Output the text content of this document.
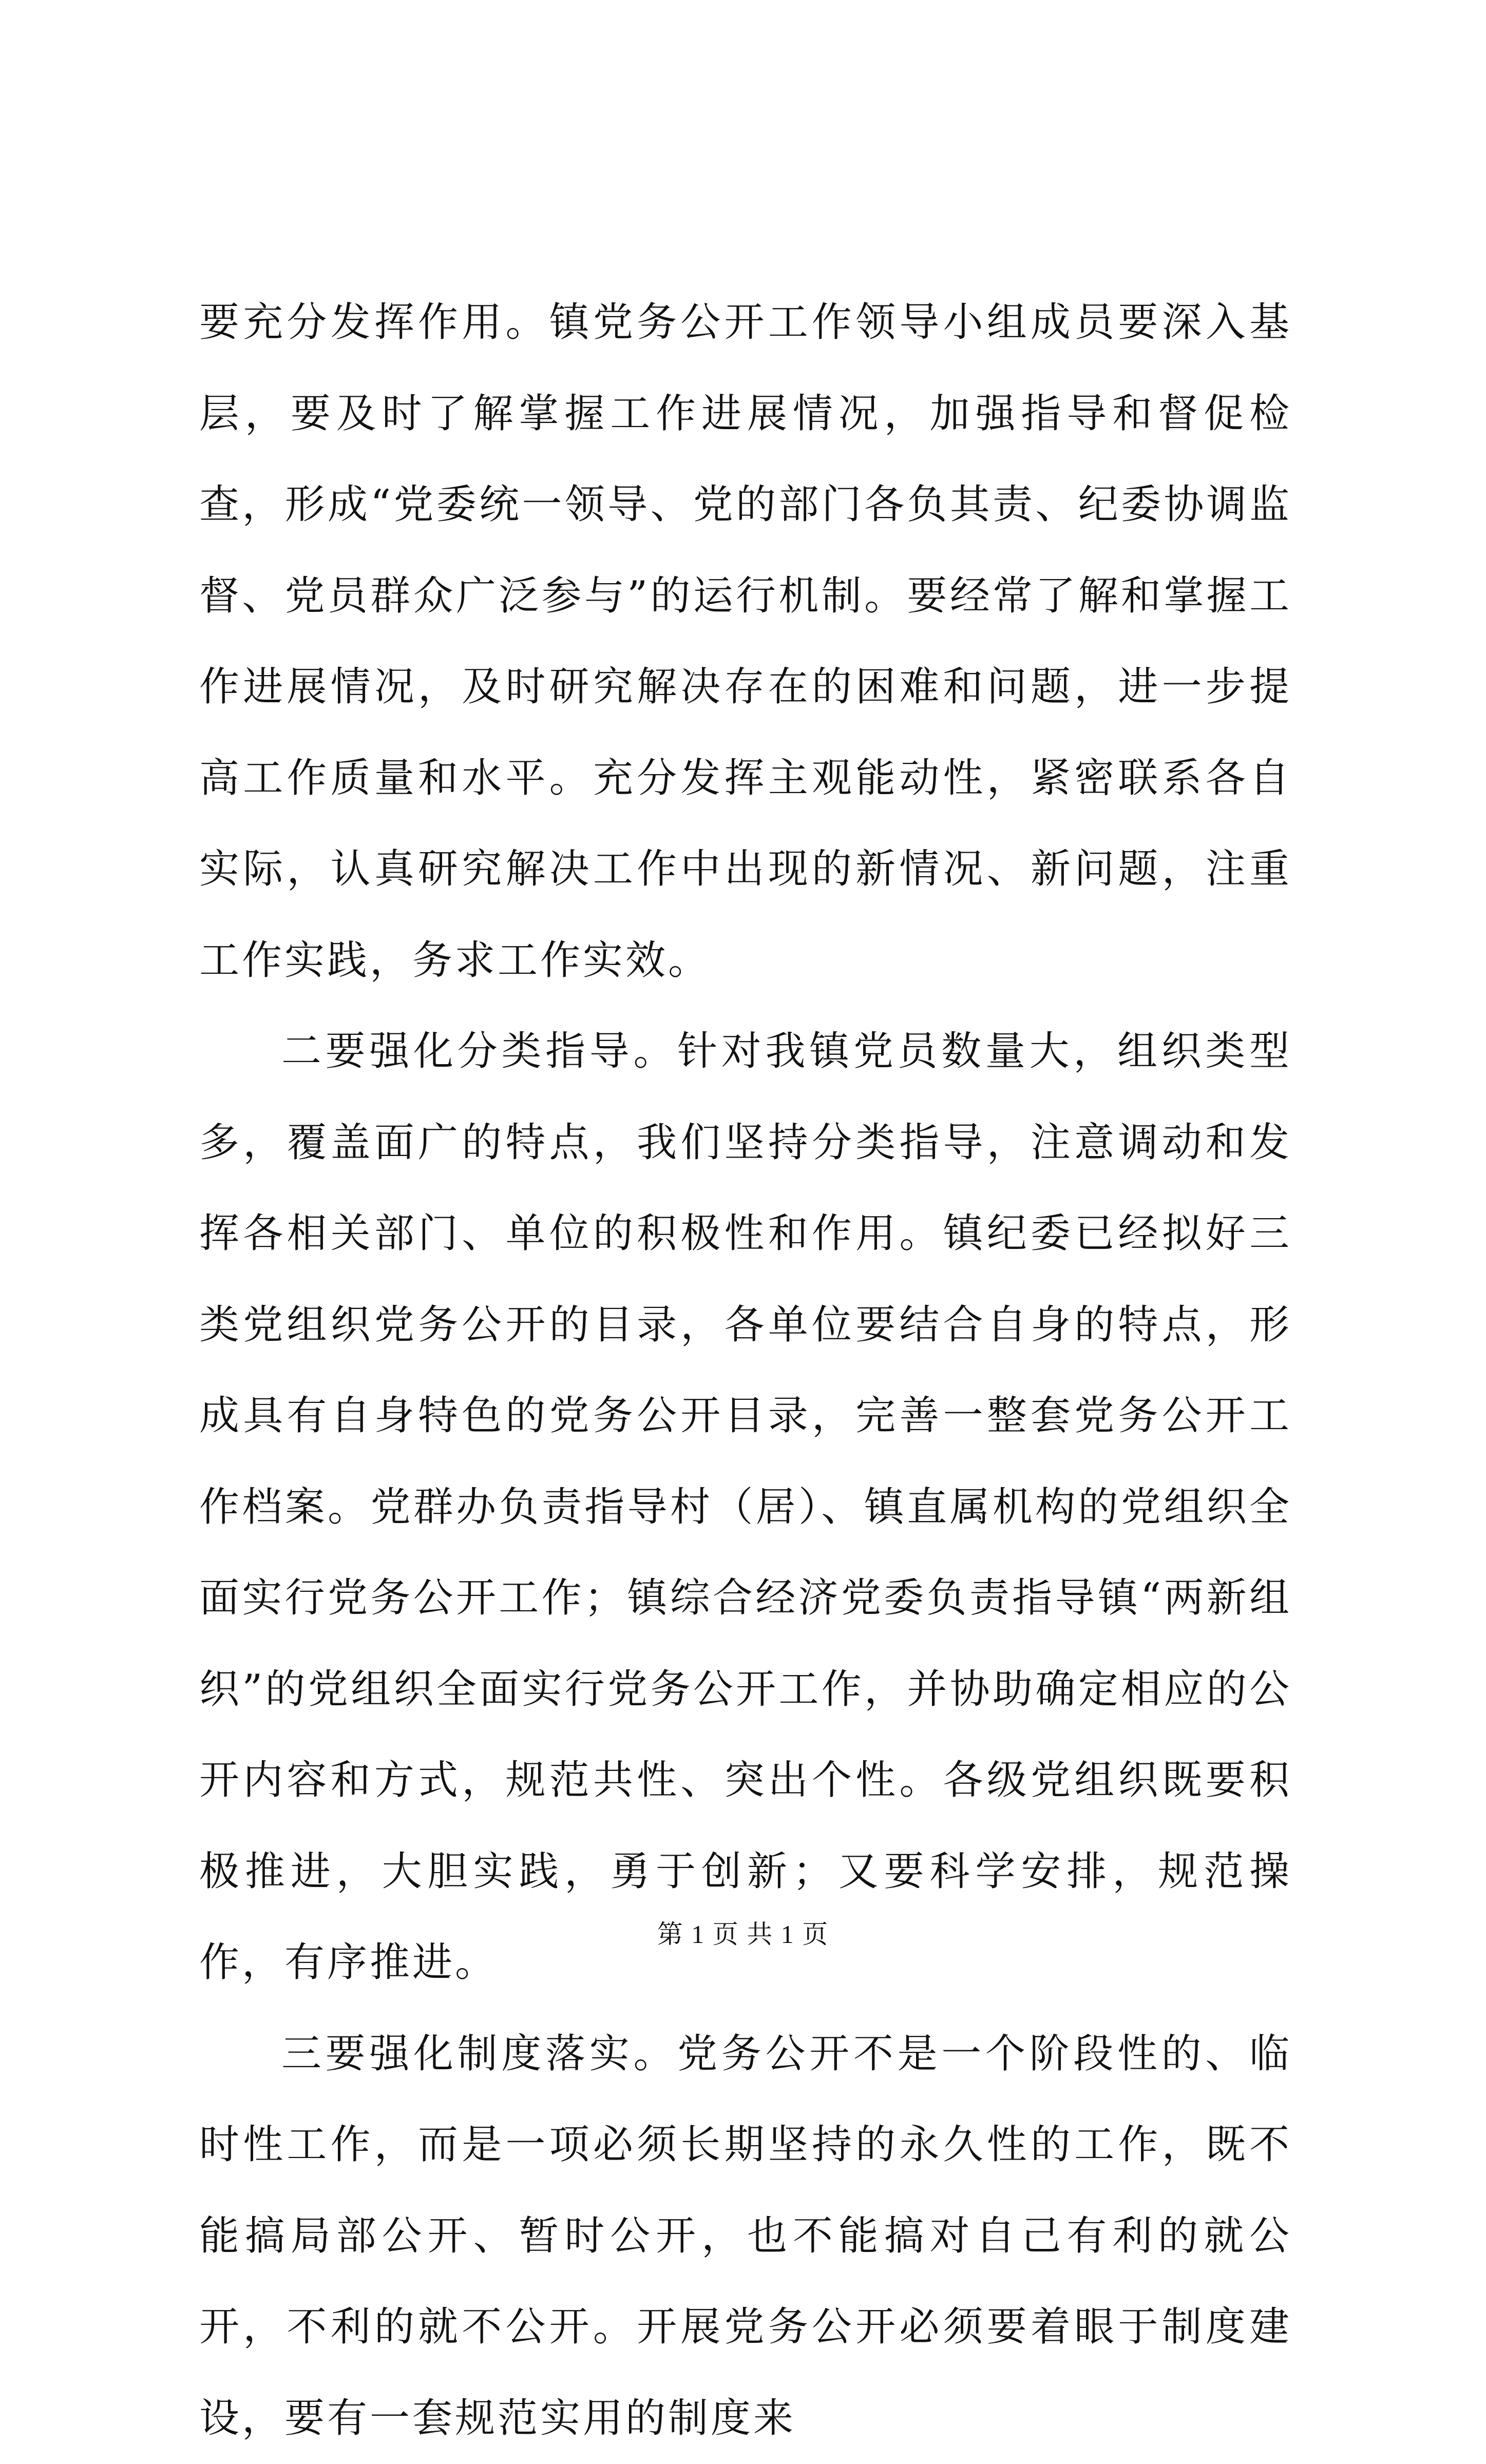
要充分发挥作用。镇党务公开工作领导小组成员要深入基层，要及时了解掌握工作进展情况，加强指导和督促检查，形成“党委统一领导、党的部门各负其责、纪委协调监督、党员群众广泛参与”的运行机制。要经常了解和掌握工作进展情况，及时研究解决存在的困难和问题，进一步提高工作质量和水平。充分发挥主观能动性，紧密联系各自实际，认真研究解决工作中出现的新情况、新问题，注重工作实践，务求工作实效。

二要强化分类指导。针对我镇党员数量大，组织类型多，覆盖面广的特点，我们坚持分类指导，注意调动和发挥各相关部门、单位的积极性和作用。镇纪委已经拟好三类党组织党务公开的目录，各单位要结合自身的特点，形成具有自身特色的党务公开目录，完善一整套党务公开工作档案。党群办负责指导村（居）、镇直属机构的党组织全面实行党务公开工作；镇综合经济党委负责指导镇“两新组织”的党组织全面实行党务公开工作，并协助确定相应的公开内容和方式，规范共性、突出个性。各级党组织既要积极推进，大胆实践，勇于创新；又要科学安排，规范操作，有序推进。

三要强化制度落实。党务公开不是一个阶段性的、临时性工作，而是一项必须长期坚持的永久性的工作，既不能搞局部公开、暂时公开，也不能搞对自己有利的就公开，不利的就不公开。开展党务公开必须要着眼于制度建设，要有一套规范实用的制度来

第 1 页 共 1 页
